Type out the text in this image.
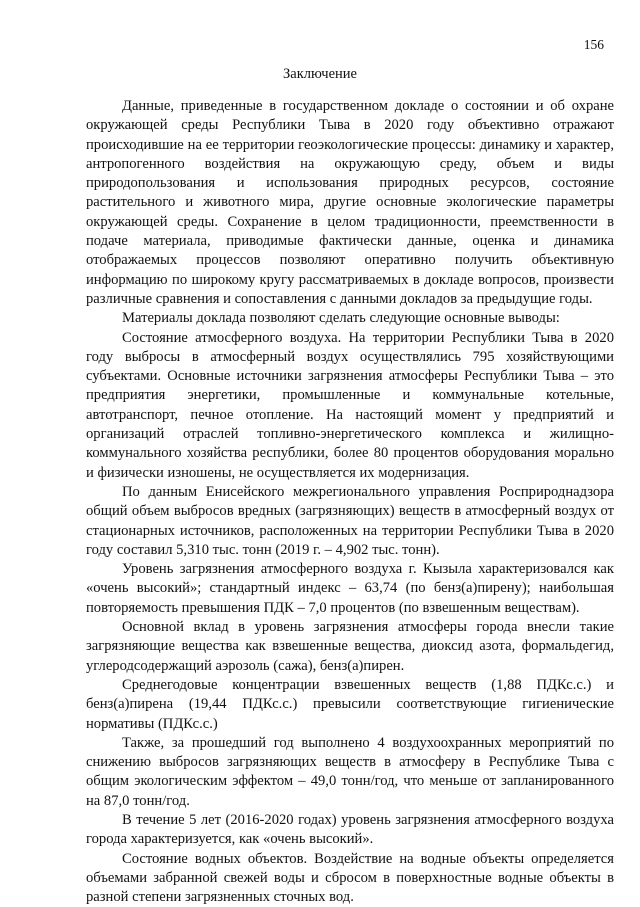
156
Заключение

Данные, приведенные в государственном докладе о состоянии и об охране окружающей среды Республики Тыва в 2020 году объективно отражают происходившие на ее территории геоэкологические процессы: динамику и характер, антропогенного воздействия на окружающую среду, объем и виды природопользования и использования природных ресурсов, состояние растительного и животного мира, другие основные экологические параметры окружающей среды. Сохранение в целом традиционности, преемственности в подаче материала, приводимые фактически данные, оценка и динамика отображаемых процессов позволяют оперативно получить объективную информацию по широкому кругу рассматриваемых в докладе вопросов, произвести различные сравнения и сопоставления с данными докладов за предыдущие годы.

Материалы доклада позволяют сделать следующие основные выводы:

Состояние атмосферного воздуха. На территории Республики Тыва в 2020 году выбросы в атмосферный воздух осуществлялись 795 хозяйствующими субъектами. Основные источники загрязнения атмосферы Республики Тыва – это предприятия энергетики, промышленные и коммунальные котельные, автотранспорт, печное отопление. На настоящий момент у предприятий и организаций отраслей топливно-энергетического комплекса и жилищно-коммунального хозяйства республики, более 80 процентов оборудования морально и физически изношены, не осуществляется их модернизация.

По данным Енисейского межрегионального управления Росприроднадзора общий объем выбросов вредных (загрязняющих) веществ в атмосферный воздух от стационарных источников, расположенных на территории Республики Тыва в 2020 году составил 5,310 тыс. тонн (2019 г. – 4,902 тыс. тонн).

Уровень загрязнения атмосферного воздуха г. Кызыла характеризовался как «очень высокий»; стандартный индекс – 63,74 (по бенз(а)пирену); наибольшая повторяемость превышения ПДК – 7,0 процентов (по взвешенным веществам).

Основной вклад в уровень загрязнения атмосферы города внесли такие загрязняющие вещества как взвешенные вещества, диоксид азота, формальдегид, углеродсодержащий аэрозоль (сажа), бенз(а)пирен.

Среднегодовые концентрации взвешенных веществ (1,88 ПДКс.с.) и бенз(а)пирена (19,44 ПДКс.с.) превысили соответствующие гигиенические нормативы (ПДКс.с.)

Также, за прошедший год выполнено 4 воздухоохранных мероприятий по снижению выбросов загрязняющих веществ в атмосферу в Республике Тыва с общим экологическим эффектом – 49,0 тонн/год, что меньше от запланированного на 87,0 тонн/год.

В течение 5 лет (2016-2020 годах) уровень загрязнения атмосферного воздуха города характеризуется, как «очень высокий».

Состояние водных объектов. Воздействие на водные объекты определяется объемами забранной свежей воды и сбросом в поверхностные водные объекты в разной степени загрязненных сточных вод.
